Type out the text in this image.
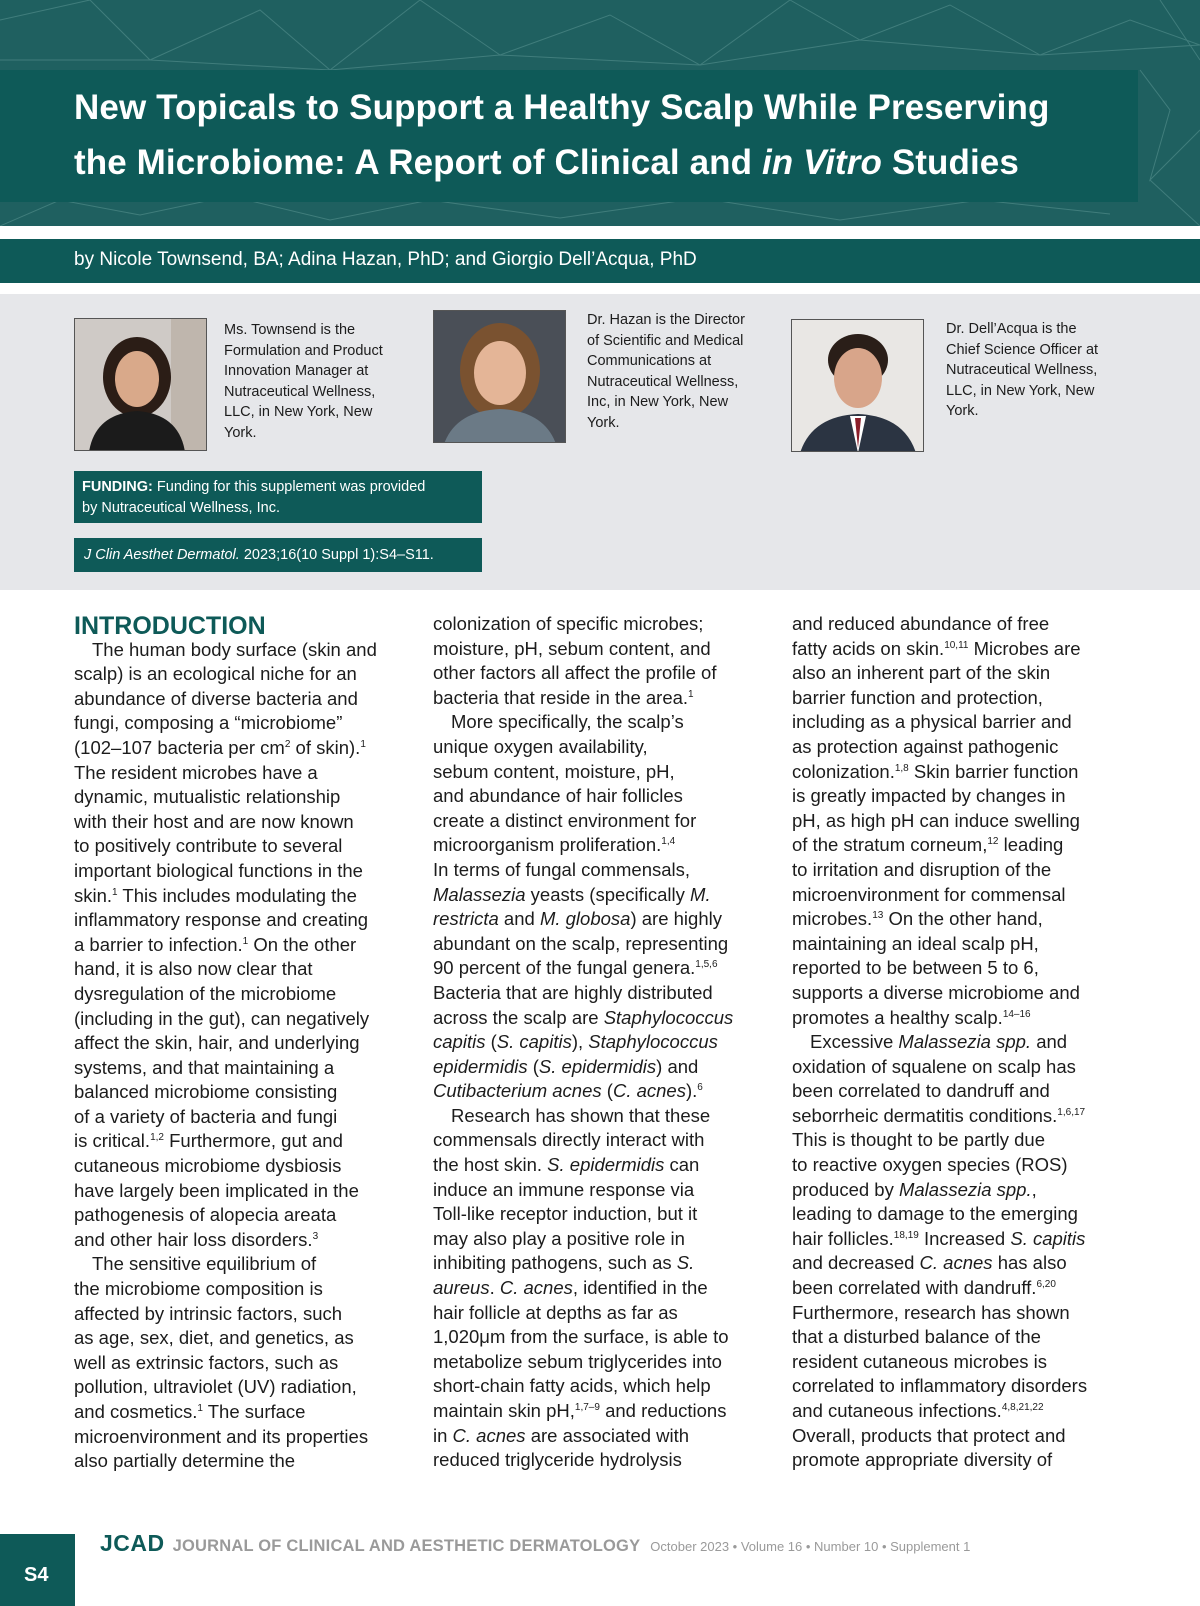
New Topicals to Support a Healthy Scalp While Preserving
the Microbiome: A Report of Clinical and in Vitro Studies
by Nicole Townsend, BA; Adina Hazan, PhD; and Giorgio Dell’Acqua, PhD
Ms. Townsend is the
Formulation and Product
Innovation Manager at
Nutraceutical Wellness,
LLC, in New York, New
York.
Dr. Hazan is the Director
of Scientific and Medical
Communications at
Nutraceutical Wellness,
Inc, in New York, New
York.
Dr. Dell’Acqua is the
Chief Science Officer at
Nutraceutical Wellness,
LLC, in New York, New
York.
FUNDING: Funding for this supplement was provided
by Nutraceutical Wellness, Inc.
J Clin Aesthet Dermatol. 2023;16(10 Suppl 1):S4–S11.
INTRODUCTION
The human body surface (skin and
scalp) is an ecological niche for an
abundance of diverse bacteria and
fungi, composing a “microbiome”
(102–107 bacteria per $cm^2$ of skin).$^1$
The resident microbes have a
dynamic, mutualistic relationship
with their host and are now known
to positively contribute to several
important biological functions in the
skin.$^1$ This includes modulating the
inflammatory response and creating
a barrier to infection.$^1$ On the other
hand, it is also now clear that
dysregulation of the microbiome
(including in the gut), can negatively
affect the skin, hair, and underlying
systems, and that maintaining a
balanced microbiome consisting
of a variety of bacteria and fungi
is critical.$^{1,2}$ Furthermore, gut and
cutaneous microbiome dysbiosis
have largely been implicated in the
pathogenesis of alopecia areata
and other hair loss disorders.$^3$
The sensitive equilibrium of
the microbiome composition is
affected by intrinsic factors, such
as age, sex, diet, and genetics, as
well as extrinsic factors, such as
pollution, ultraviolet (UV) radiation,
and cosmetics.$^1$ The surface
microenvironment and its properties
also partially determine the
colonization of specific microbes;
moisture, pH, sebum content, and
other factors all affect the profile of
bacteria that reside in the area.$^1$
More specifically, the scalp’s
unique oxygen availability,
sebum content, moisture, pH,
and abundance of hair follicles
create a distinct environment for
microorganism proliferation.$^{1,4}$
In terms of fungal commensals,
Malassezia yeasts (specifically M.
restricta and M. globosa) are highly
abundant on the scalp, representing
90 percent of the fungal genera.$^{1,5,6}$
Bacteria that are highly distributed
across the scalp are Staphylococcus
capitis (S. capitis), Staphylococcus
epidermidis (S. epidermidis) and
Cutibacterium acnes (C. acnes).$^6$
Research has shown that these
commensals directly interact with
the host skin. S. epidermidis can
induce an immune response via
Toll-like receptor induction, but it
may also play a positive role in
inhibiting pathogens, such as S.
aureus. C. acnes, identified in the
hair follicle at depths as far as
1,020μm from the surface, is able to
metabolize sebum triglycerides into
short-chain fatty acids, which help
maintain skin pH,$^{1,7-9}$ and reductions
in C. acnes are associated with
reduced triglyceride hydrolysis
and reduced abundance of free
fatty acids on skin.$^{10,11}$ Microbes are
also an inherent part of the skin
barrier function and protection,
including as a physical barrier and
as protection against pathogenic
colonization.$^{1,8}$ Skin barrier function
is greatly impacted by changes in
pH, as high pH can induce swelling
of the stratum corneum,$^{12}$ leading
to irritation and disruption of the
microenvironment for commensal
microbes.$^{13}$ On the other hand,
maintaining an ideal scalp pH,
reported to be between 5 to 6,
supports a diverse microbiome and
promotes a healthy scalp.$^{14-16}$
Excessive Malassezia spp. and
oxidation of squalene on scalp has
been correlated to dandruff and
seborrheic dermatitis conditions.$^{1,6,17}$
This is thought to be partly due
to reactive oxygen species (ROS)
produced by Malassezia spp.,
leading to damage to the emerging
hair follicles.$^{18,19}$ Increased S. capitis
and decreased C. acnes has also
been correlated with dandruff.$^{6,20}$
Furthermore, research has shown
that a disturbed balance of the
resident cutaneous microbes is
correlated to inflammatory disorders
and cutaneous infections.$^{4,8,21,22}$
Overall, products that protect and
promote appropriate diversity of
S4
JCAD JOURNAL OF CLINICAL AND AESTHETIC DERMATOLOGY October 2023 • Volume 16 • Number 10 • Supplement 1
